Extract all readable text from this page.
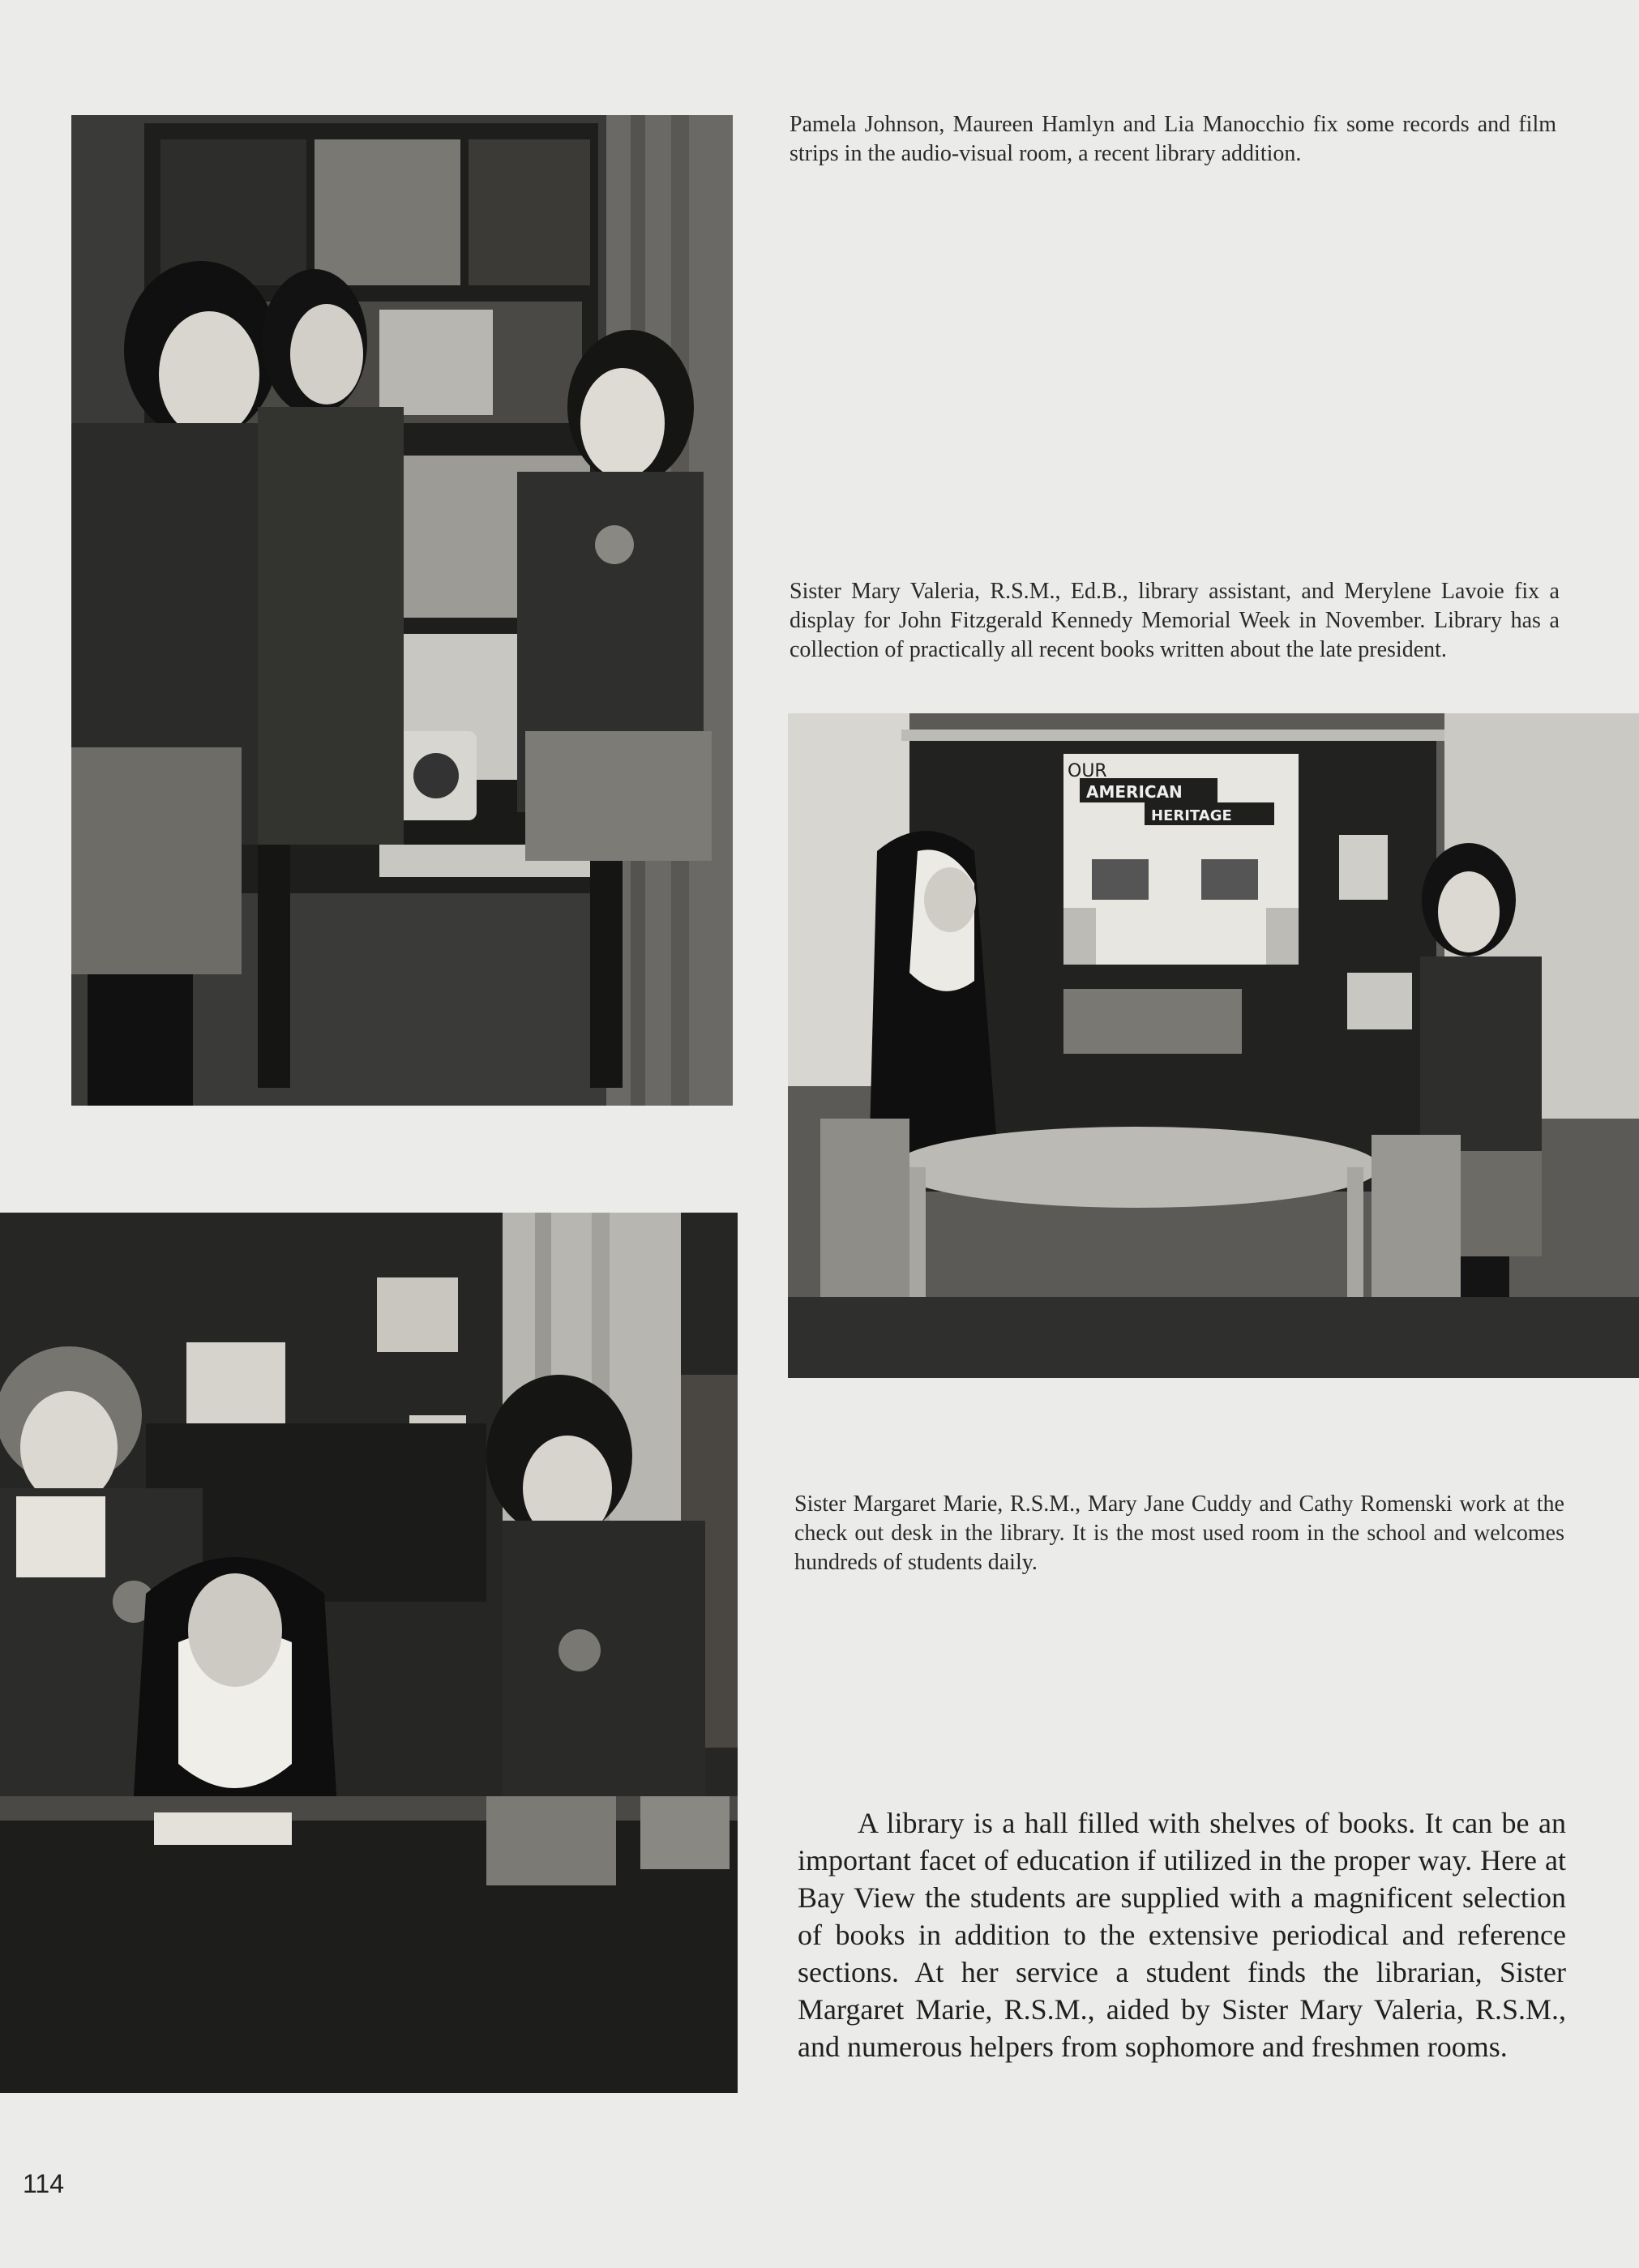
Pamela Johnson, Maureen Hamlyn and Lia Manocchio fix some records and film strips in the audio-visual room, a recent library addition.

Sister Mary Valeria, R.S.M., Ed.B., library assistant, and Merylene Lavoie fix a display for John Fitzgerald Kennedy Memorial Week in November. Library has a collection of practically all recent books written about the late president.

OUR
AMERICAN
HERITAGE

Sister Margaret Marie, R.S.M., Mary Jane Cuddy and Cathy Romenski work at the check out desk in the library. It is the most used room in the school and welcomes hundreds of students daily.

A library is a hall filled with shelves of books. It can be an important facet of education if utilized in the proper way. Here at Bay View the students are supplied with a magnificent selection of books in addition to the extensive periodical and reference sections. At her service a student finds the librarian, Sister Margaret Marie, R.S.M., aided by Sister Mary Valeria, R.S.M., and numerous helpers from sophomore and freshmen rooms.

114
